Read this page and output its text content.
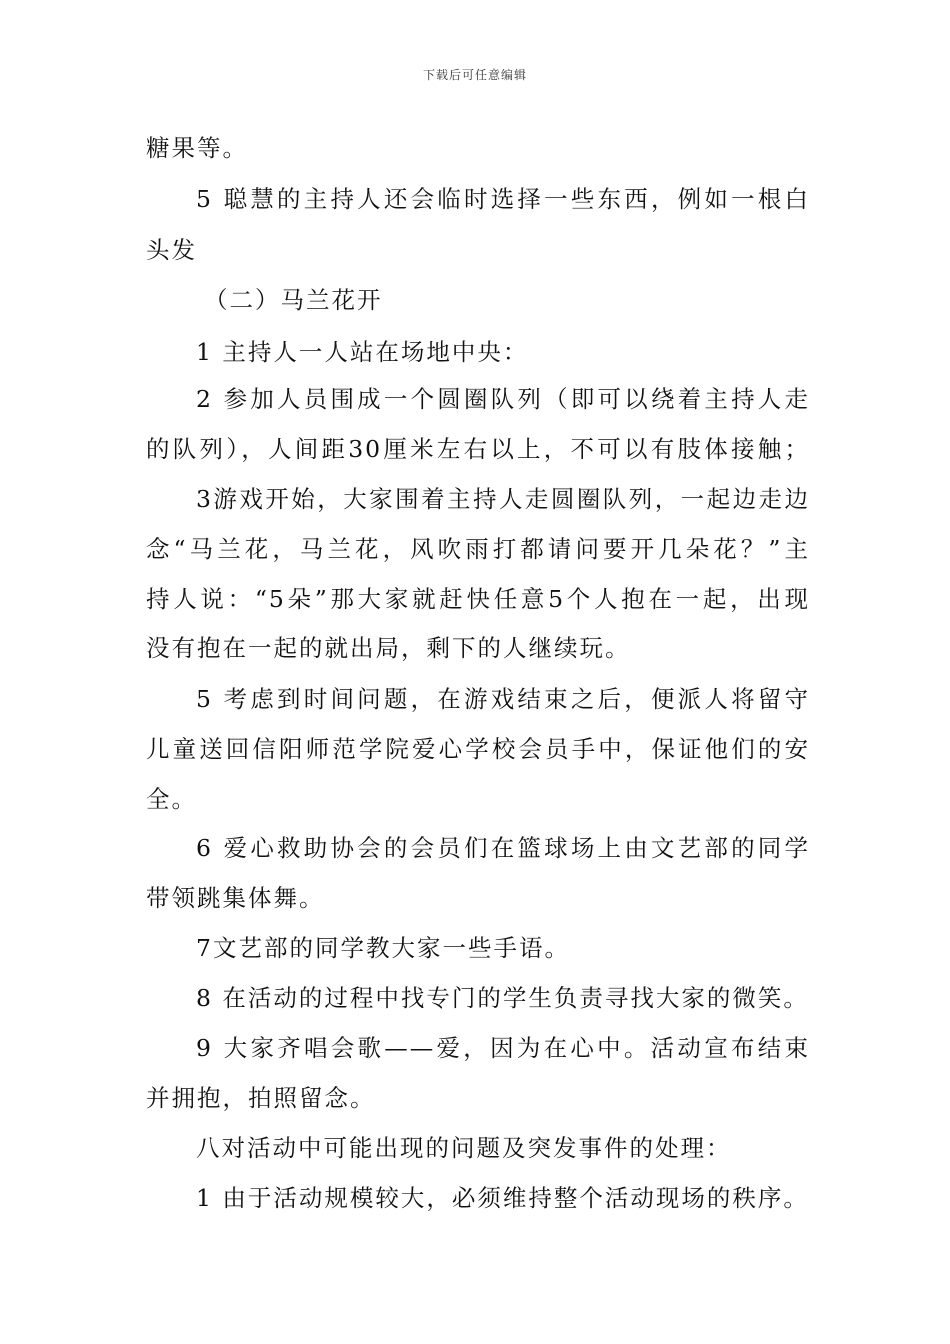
下载后可任意编辑
糖果等。
5 聪慧的主持人还会临时选择一些东西，例如一根白
头发
（二）马兰花开
1 主持人一人站在场地中央：
2 参加人员围成一个圆圈队列（即可以绕着主持人走
的队列），人间距30厘米左右以上，不可以有肢体接触；
3游戏开始，大家围着主持人走圆圈队列，一起边走边
念“马兰花，马兰花，风吹雨打都请问要开几朵花？”主
持人说：“5朵”那大家就赶快任意5个人抱在一起，出现
没有抱在一起的就出局，剩下的人继续玩。
5 考虑到时间问题，在游戏结束之后，便派人将留守
儿童送回信阳师范学院爱心学校会员手中，保证他们的安
全。
6 爱心救助协会的会员们在篮球场上由文艺部的同学
带领跳集体舞。
7文艺部的同学教大家一些手语。
8 在活动的过程中找专门的学生负责寻找大家的微笑。
9 大家齐唱会歌——爱，因为在心中。活动宣布结束
并拥抱，拍照留念。
八对活动中可能出现的问题及突发事件的处理：
1 由于活动规模较大，必须维持整个活动现场的秩序。
